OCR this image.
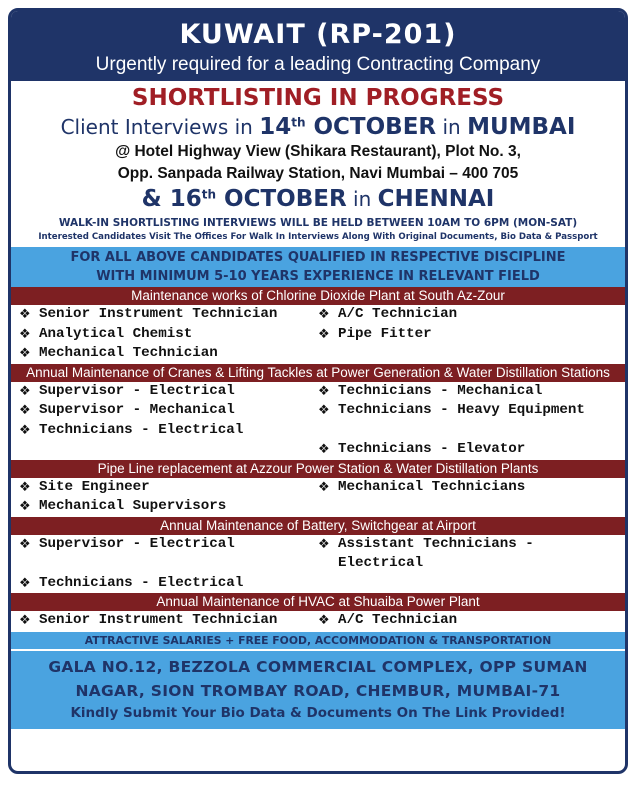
KUWAIT (RP-201)
Urgently required for a leading Contracting Company
SHORTLISTING IN PROGRESS
Client Interviews in 14th OCTOBER in MUMBAI
@ Hotel Highway View (Shikara Restaurant), Plot No. 3,
Opp. Sanpada Railway Station, Navi Mumbai – 400 705
& 16th OCTOBER in CHENNAI
WALK-IN SHORTLISTING INTERVIEWS WILL BE HELD BETWEEN 10AM TO 6PM (MON-SAT)
Interested Candidates Visit The Offices For Walk In Interviews Along With Original Documents, Bio Data & Passport
FOR ALL ABOVE CANDIDATES QUALIFIED IN RESPECTIVE DISCIPLINE
WITH MINIMUM 5-10 YEARS EXPERIENCE IN RELEVANT FIELD
Maintenance works of Chlorine Dioxide Plant at South Az-Zour
❖ Senior Instrument Technician	❖ A/C Technician
❖ Analytical Chemist	❖ Pipe Fitter
❖ Mechanical Technician
Annual Maintenance of Cranes & Lifting Tackles at Power Generation & Water Distillation Stations
❖ Supervisor - Electrical	❖ Technicians - Mechanical
❖ Supervisor - Mechanical	❖ Technicians - Heavy Equipment
❖ Technicians - Electrical
❖ Technicians - Elevator
Pipe Line replacement at Azzour Power Station & Water Distillation Plants
❖ Site Engineer	❖ Mechanical Technicians
❖ Mechanical Supervisors
Annual Maintenance of Battery, Switchgear at Airport
❖ Supervisor - Electrical	❖ Assistant Technicians - Electrical
❖ Technicians - Electrical
Annual Maintenance of HVAC at Shuaiba Power Plant
❖ Senior Instrument Technician	❖ A/C Technician
ATTRACTIVE SALARIES + FREE FOOD, ACCOMMODATION & TRANSPORTATION
GALA NO.12, BEZZOLA COMMERCIAL COMPLEX, OPP SUMAN
NAGAR, SION TROMBAY ROAD, CHEMBUR, MUMBAI-71
Kindly Submit Your Bio Data & Documents On The Link Provided!
